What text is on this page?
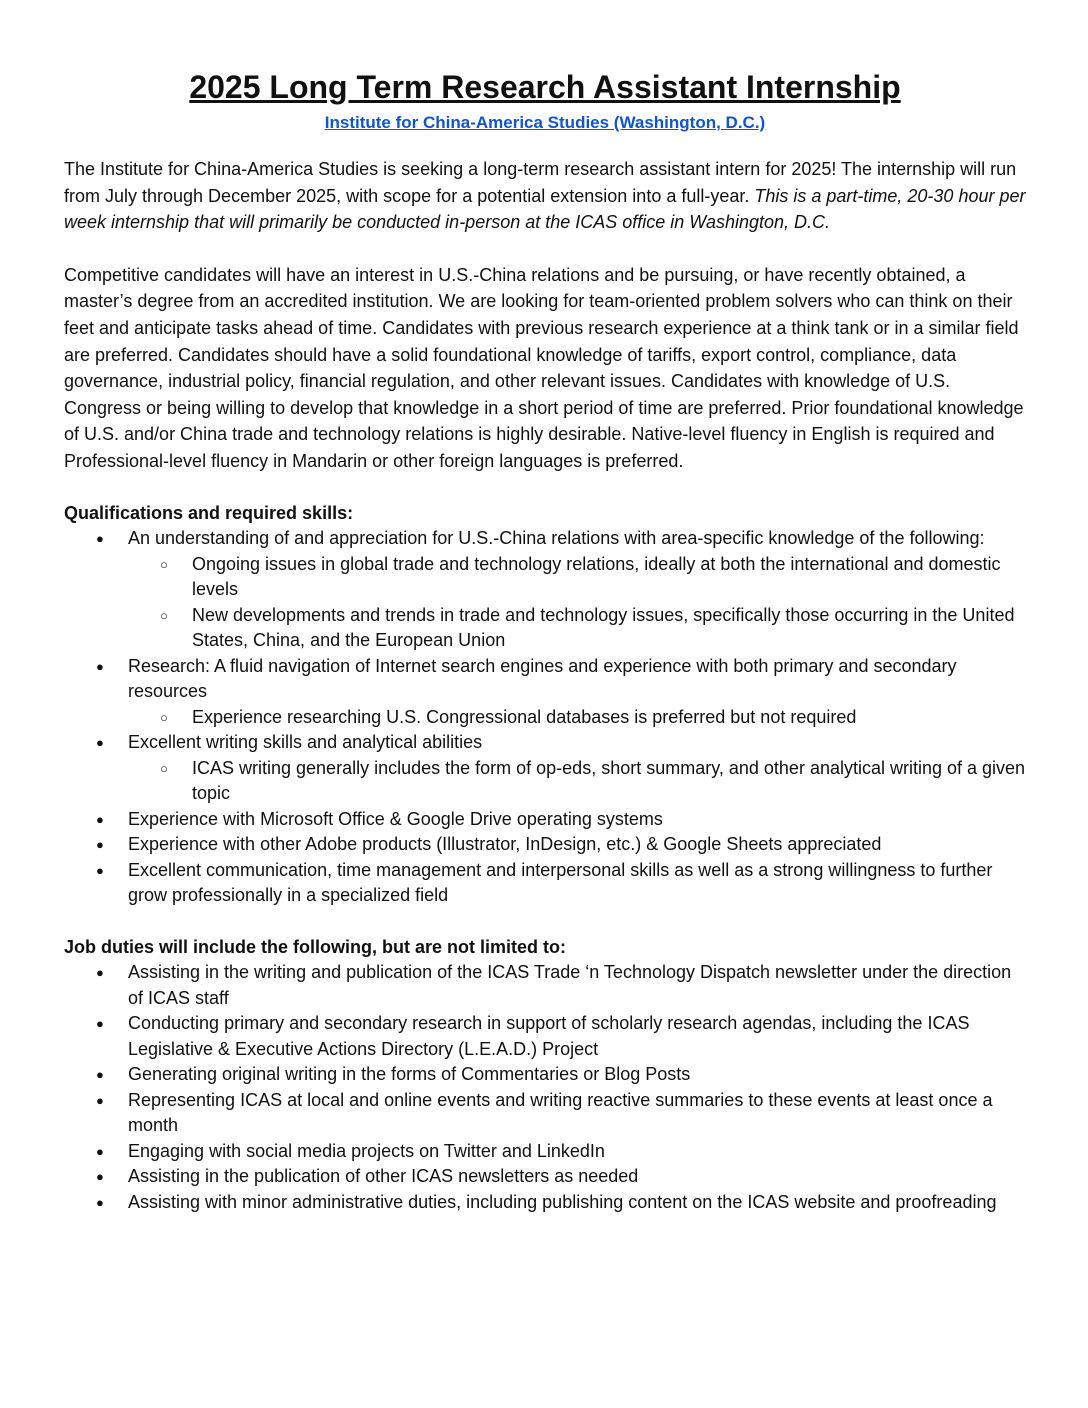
2025 Long Term Research Assistant Internship
Institute for China-America Studies (Washington, D.C.)

The Institute for China-America Studies is seeking a long-term research assistant intern for 2025! The internship will run from July through December 2025, with scope for a potential extension into a full-year. This is a part-time, 20-30 hour per week internship that will primarily be conducted in-person at the ICAS office in Washington, D.C.

Competitive candidates will have an interest in U.S.-China relations and be pursuing, or have recently obtained, a master’s degree from an accredited institution. We are looking for team-oriented problem solvers who can think on their feet and anticipate tasks ahead of time. Candidates with previous research experience at a think tank or in a similar field are preferred. Candidates should have a solid foundational knowledge of tariffs, export control, compliance, data governance, industrial policy, financial regulation, and other relevant issues. Candidates with knowledge of U.S. Congress or being willing to develop that knowledge in a short period of time are preferred. Prior foundational knowledge of U.S. and/or China trade and technology relations is highly desirable. Native-level fluency in English is required and Professional-level fluency in Mandarin or other foreign languages is preferred.

Qualifications and required skills:
● An understanding of and appreciation for U.S.-China relations with area-specific knowledge of the following:
○ Ongoing issues in global trade and technology relations, ideally at both the international and domestic levels
○ New developments and trends in trade and technology issues, specifically those occurring in the United States, China, and the European Union
● Research: A fluid navigation of Internet search engines and experience with both primary and secondary resources
○ Experience researching U.S. Congressional databases is preferred but not required
● Excellent writing skills and analytical abilities
○ ICAS writing generally includes the form of op-eds, short summary, and other analytical writing of a given topic
● Experience with Microsoft Office & Google Drive operating systems
● Experience with other Adobe products (Illustrator, InDesign, etc.) & Google Sheets appreciated
● Excellent communication, time management and interpersonal skills as well as a strong willingness to further grow professionally in a specialized field
Job duties will include the following, but are not limited to:
● Assisting in the writing and publication of the ICAS Trade ‘n Technology Dispatch newsletter under the direction of ICAS staff
● Conducting primary and secondary research in support of scholarly research agendas, including the ICAS Legislative & Executive Actions Directory (L.E.A.D.) Project
● Generating original writing in the forms of Commentaries or Blog Posts
● Representing ICAS at local and online events and writing reactive summaries to these events at least once a month
● Engaging with social media projects on Twitter and LinkedIn
● Assisting in the publication of other ICAS newsletters as needed
● Assisting with minor administrative duties, including publishing content on the ICAS website and proofreading
